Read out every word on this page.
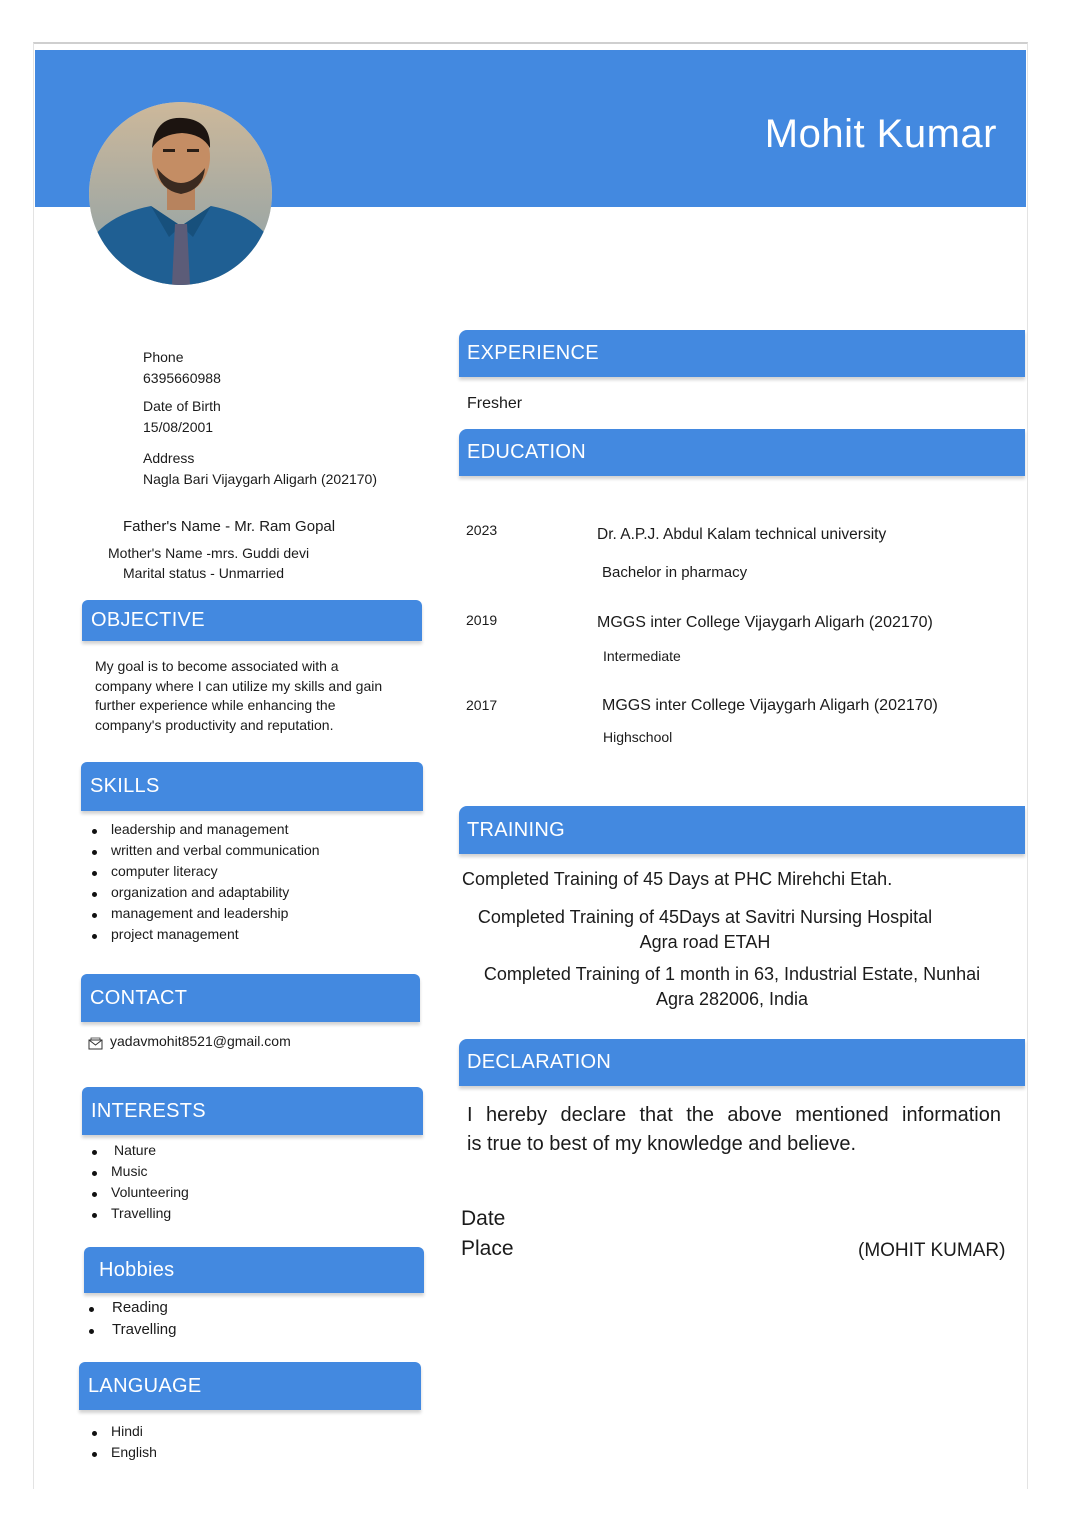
Mohit Kumar
Phone
6395660988
Date of Birth
15/08/2001
Address
Nagla Bari Vijaygarh Aligarh (202170)
Father's Name - Mr. Ram Gopal
Mother's Name -mrs. Guddi devi
Marital status - Unmarried
OBJECTIVE
My goal is to become associated with a
company where I can utilize my skills and gain
further experience while enhancing the
company's productivity and reputation.
SKILLS
leadership and management
written and verbal communication
computer literacy
organization and adaptability
management and leadership
project management
CONTACT
yadavmohit8521@gmail.com
INTERESTS
Nature
Music
Volunteering
Travelling
Hobbies
Reading
Travelling
LANGUAGE
Hindi
English
EXPERIENCE
Fresher
EDUCATION
2023	Dr. A.P.J. Abdul Kalam technical university
Bachelor in pharmacy
2019	MGGS inter College Vijaygarh Aligarh (202170)
Intermediate
2017	MGGS inter College Vijaygarh Aligarh (202170)
Highschool
TRAINING
Completed Training of 45 Days at PHC Mirehchi Etah.
Completed Training of 45Days at Savitri Nursing Hospital
Agra road ETAH
Completed Training of 1 month in 63, Industrial Estate, Nunhai
Agra 282006, India
DECLARATION
I hereby declare that the above mentioned information
is true to best of my knowledge and believe.
Date
Place	(MOHIT KUMAR)
